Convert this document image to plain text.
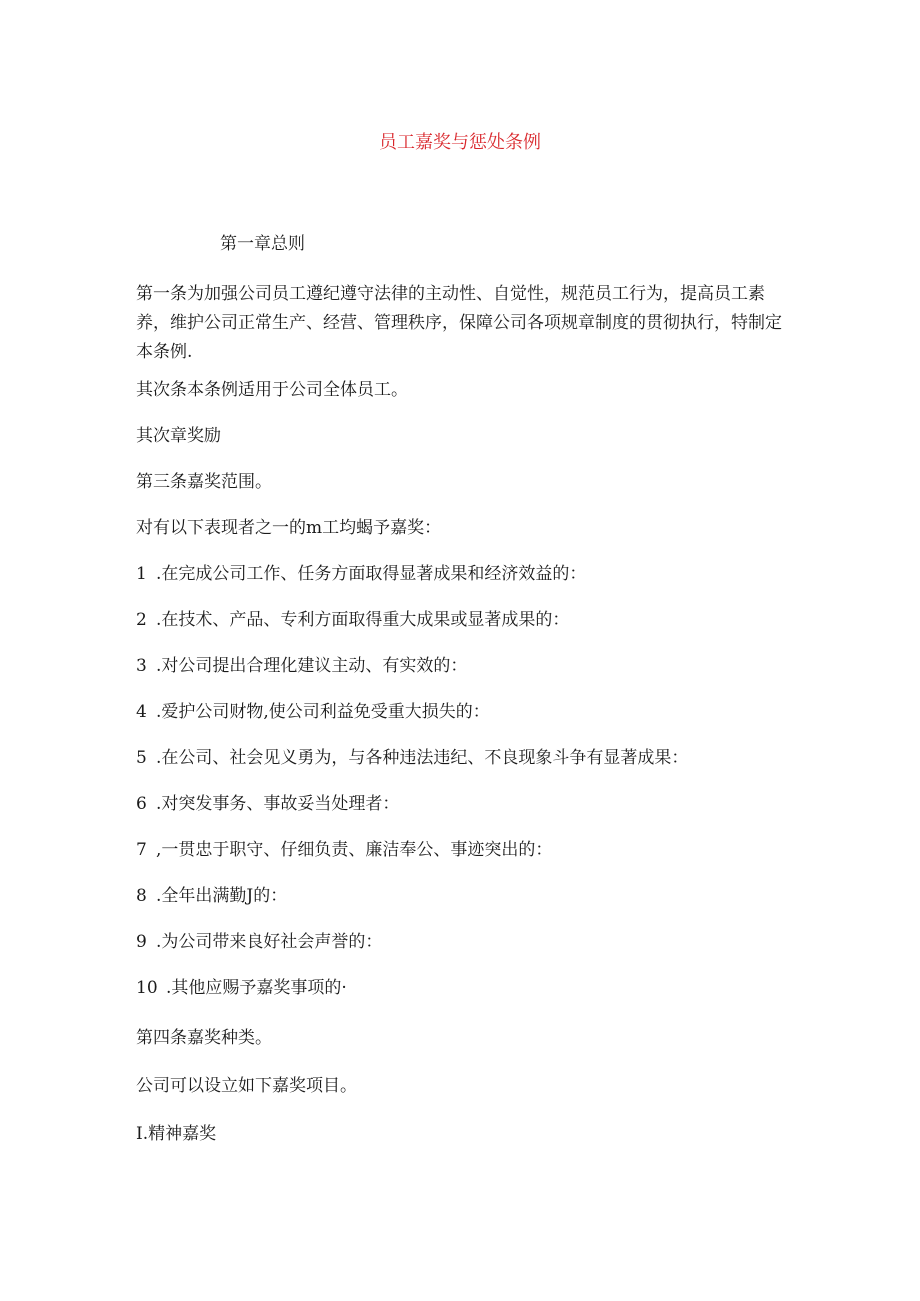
员工嘉奖与惩处条例

第一章总则

第一条为加强公司员工遵纪遵守法律的主动性、自觉性，规范员工行为，提高员工素养，维护公司正常生产、经营、管理秩序，保障公司各项规章制度的贯彻执行，特制定本条例.

其次条本条例适用于公司全体员工。

其次章奖励

第三条嘉奖范围。

对有以下表现者之一的m工均蝎予嘉奖：

1 .在完成公司工作、任务方面取得显著成果和经济效益的：

2 .在技术、产品、专利方面取得重大成果或显著成果的：

3 .对公司提出合理化建议主动、有实效的：

4 .爱护公司财物,使公司利益免受重大损失的：

5 .在公司、社会见义勇为，与各种违法违纪、不良现象斗争有显著成果：

6 .对突发事务、事故妥当处理者：

7 ,一贯忠于职守、仔细负责、廉洁奉公、事迹突出的：

8 .全年出满勤J的：

9 .为公司带来良好社会声誉的：

10 .其他应赐予嘉奖事项的·

第四条嘉奖种类。

公司可以设立如下嘉奖项目。

I.精神嘉奖
